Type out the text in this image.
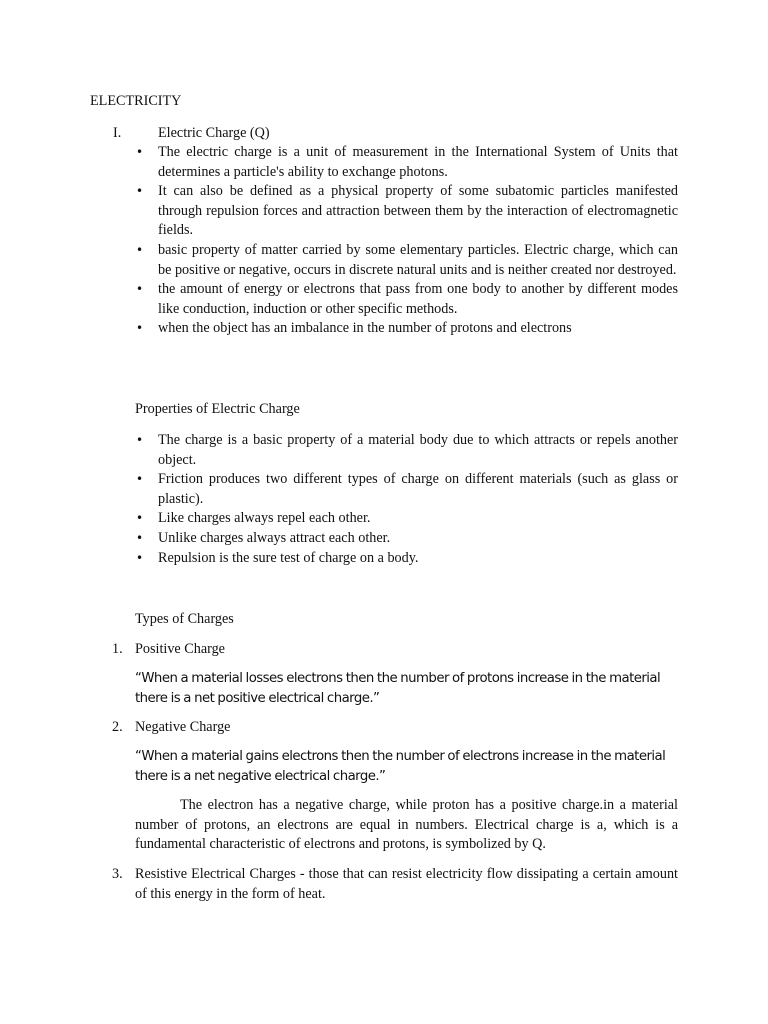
ELECTRICITY
I.	Electric Charge (Q)
• The electric charge is a unit of measurement in the International System of Units that determines a particle's ability to exchange photons.
• It can also be defined as a physical property of some subatomic particles manifested through repulsion forces and attraction between them by the interaction of electromagnetic fields.
• basic property of matter carried by some elementary particles. Electric charge, which can be positive or negative, occurs in discrete natural units and is neither created nor destroyed.
• the amount of energy or electrons that pass from one body to another by different modes like conduction, induction or other specific methods.
• when the object has an imbalance in the number of protons and electrons
Properties of Electric Charge
• The charge is a basic property of a material body due to which attracts or repels another object.
• Friction produces two different types of charge on different materials (such as glass or plastic).
• Like charges always repel each other.
• Unlike charges always attract each other.
• Repulsion is the sure test of charge on a body.
Types of Charges
1. Positive Charge
“When a material losses electrons then the number of protons increase in the material there is a net positive electrical charge.”
2. Negative Charge
“When a material gains electrons then the number of electrons increase in the material there is a net negative electrical charge.”
The electron has a negative charge, while proton has a positive charge.in a material number of protons, an electrons are equal in numbers. Electrical charge is a, which is a fundamental characteristic of electrons and protons, is symbolized by Q.
3. Resistive Electrical Charges - those that can resist electricity flow dissipating a certain amount of this energy in the form of heat.
